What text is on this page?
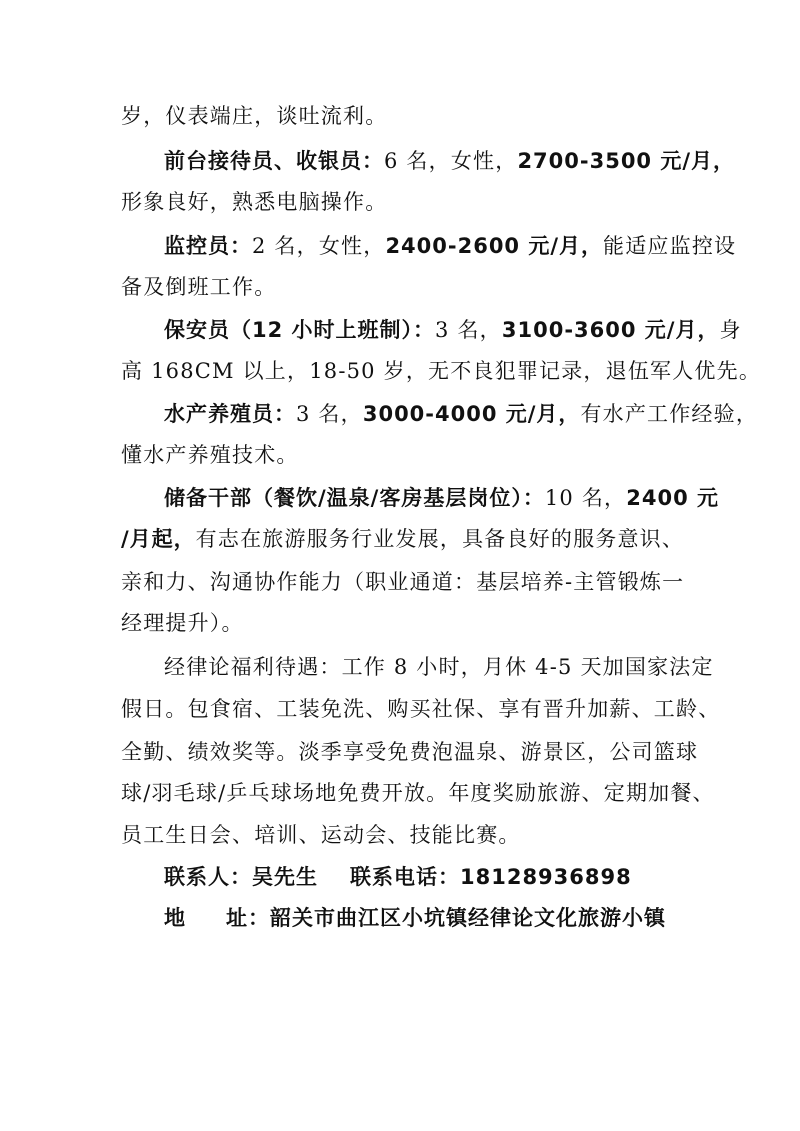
岁，仪表端庄，谈吐流利。
前台接待员、收银员：6 名，女性，2700-3500 元/月，
形象良好，熟悉电脑操作。
监控员：2 名，女性，2400-2600 元/月，能适应监控设
备及倒班工作。
保安员（12 小时上班制）：3 名，3100-3600 元/月，身
高 168CM 以上，18-50 岁，无不良犯罪记录，退伍军人优先。
水产养殖员：3 名，3000-4000 元/月，有水产工作经验，
懂水产养殖技术。
储备干部（餐饮/温泉/客房基层岗位）：10 名，2400 元
/月起，有志在旅游服务行业发展，具备良好的服务意识、
亲和力、沟通协作能力（职业通道：基层培养-主管锻炼一
经理提升）。
经律论福利待遇：工作 8 小时，月休 4-5 天加国家法定
假日。包食宿、工装免洗、购买社保、享有晋升加薪、工龄、
全勤、绩效奖等。淡季享受免费泡温泉、游景区，公司篮球
球/羽毛球/乒乓球场地免费开放。年度奖励旅游、定期加餐、
员工生日会、培训、运动会、技能比赛。
联系人：吴先生 联系电话：18128936898
地 址：韶关市曲江区小坑镇经律论文化旅游小镇
